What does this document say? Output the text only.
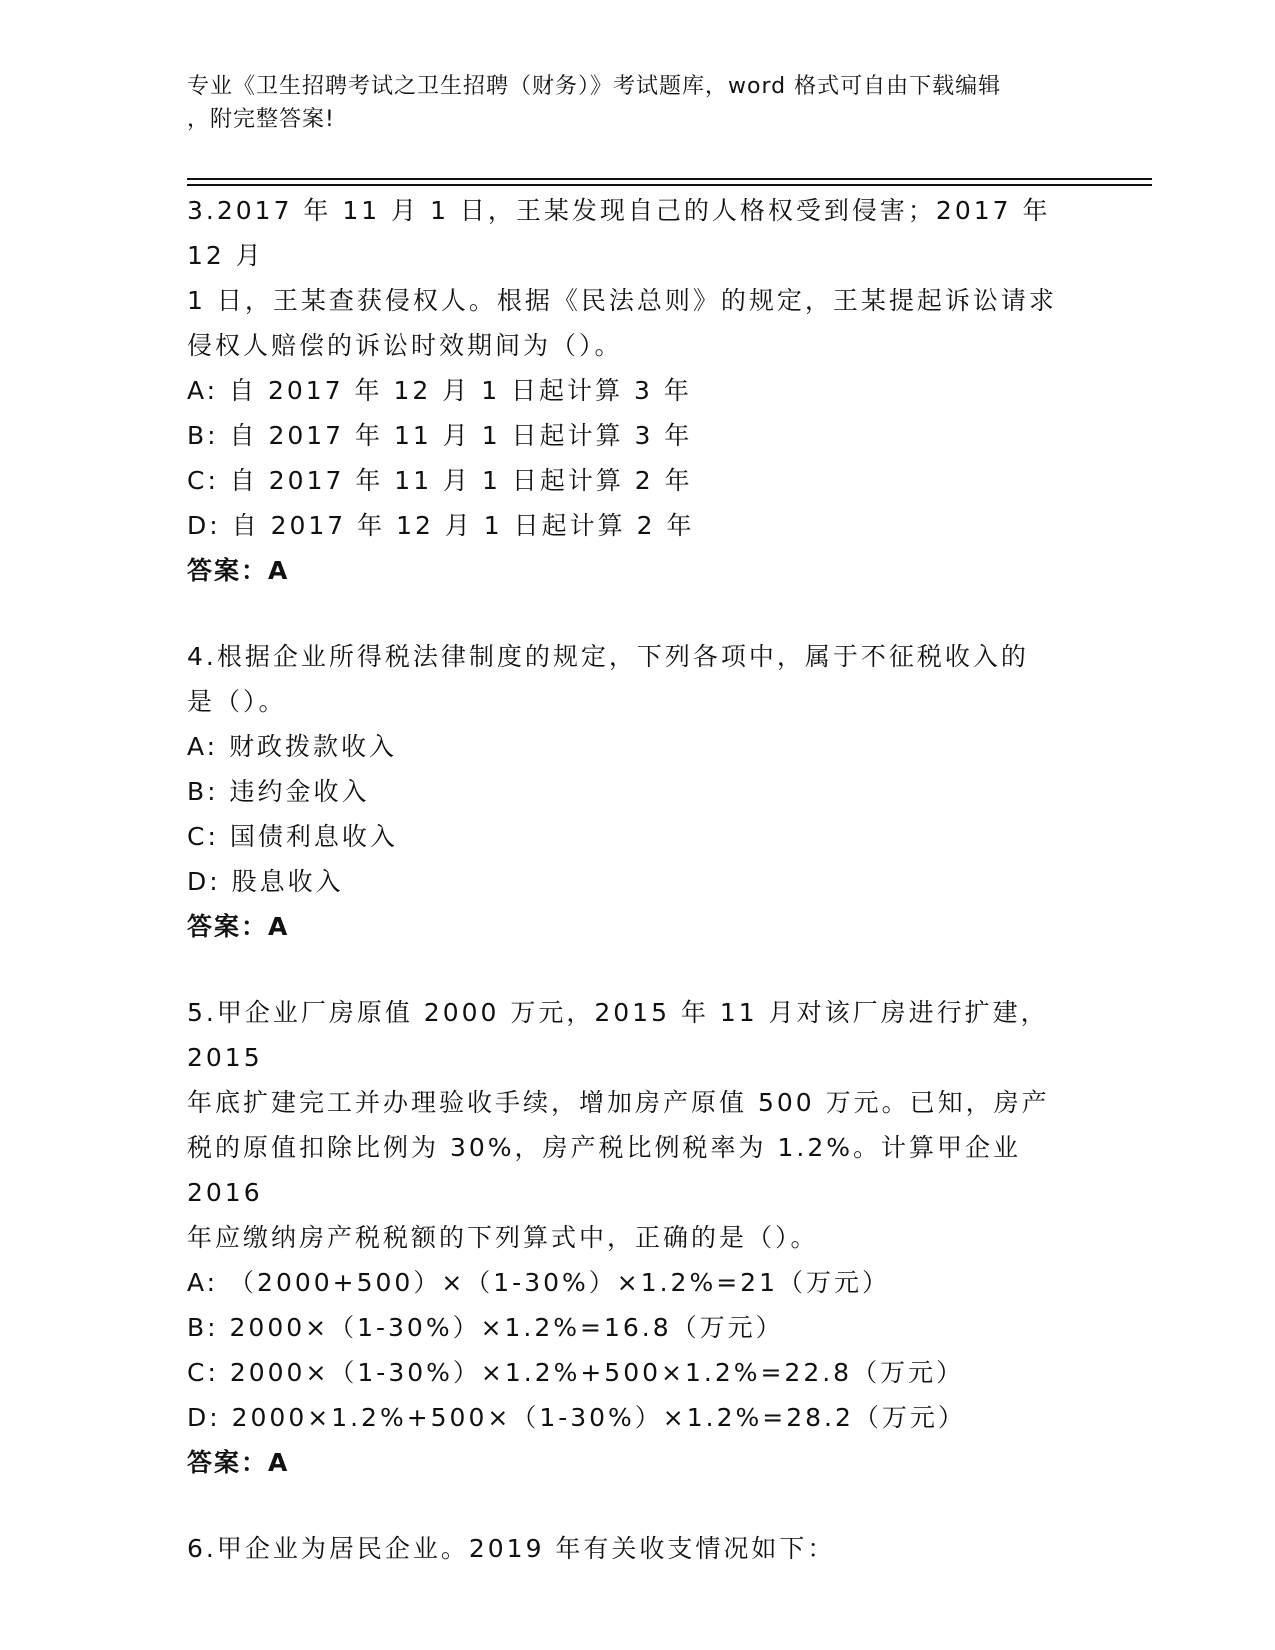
专业《卫生招聘考试之卫生招聘（财务）》考试题库，word 格式可自由下载编辑
，附完整答案!
3.2017 年 11 月 1 日，王某发现自己的人格权受到侵害；2017 年 12 月
1 日，王某查获侵权人。根据《民法总则》的规定，王某提起诉讼请求
侵权人赔偿的诉讼时效期间为（）。
A: 自 2017 年 12 月 1 日起计算 3 年
B: 自 2017 年 11 月 1 日起计算 3 年
C: 自 2017 年 11 月 1 日起计算 2 年
D: 自 2017 年 12 月 1 日起计算 2 年
答案：A
4.根据企业所得税法律制度的规定，下列各项中，属于不征税收入的
是（）。
A: 财政拨款收入
B: 违约金收入
C: 国债利息收入
D: 股息收入
答案：A
5.甲企业厂房原值 2000 万元，2015 年 11 月对该厂房进行扩建，2015
年底扩建完工并办理验收手续，增加房产原值 500 万元。已知，房产
税的原值扣除比例为 30%，房产税比例税率为 1.2%。计算甲企业 2016
年应缴纳房产税税额的下列算式中，正确的是（）。
A: （2000+500）×（1-30%）×1.2%=21（万元）
B: 2000×（1-30%）×1.2%=16.8（万元）
C: 2000×（1-30%）×1.2%+500×1.2%=22.8（万元）
D: 2000×1.2%+500×（1-30%）×1.2%=28.2（万元）
答案：A
6.甲企业为居民企业。2019 年有关收支情况如下：
